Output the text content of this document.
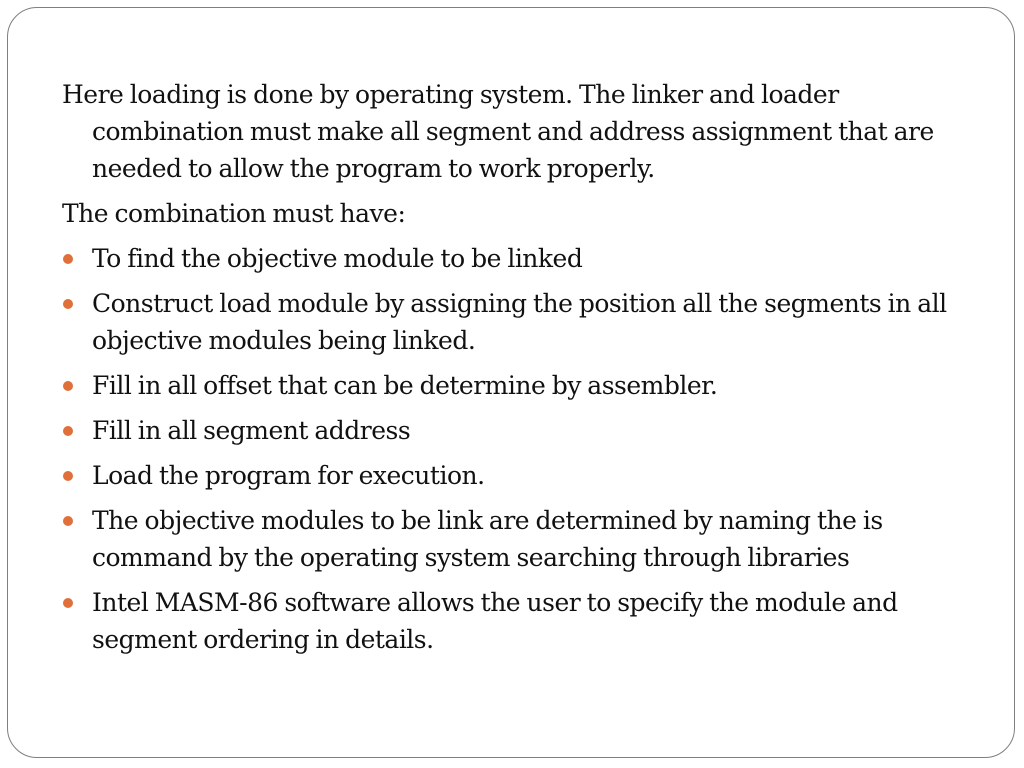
Here loading is done by operating system. The linker and loader combination must make all segment and address assignment that are needed to allow the program to work properly.

The combination must have:

To find the objective module to be linked
Construct load module by assigning the position all the segments in all objective modules being linked.
Fill in all offset that can be determine by assembler.
Fill in all segment address
Load the program for execution.
The objective modules to be link are determined by naming the is command by the operating system searching through libraries
Intel MASM-86 software allows the user to specify the module and segment ordering in details.
